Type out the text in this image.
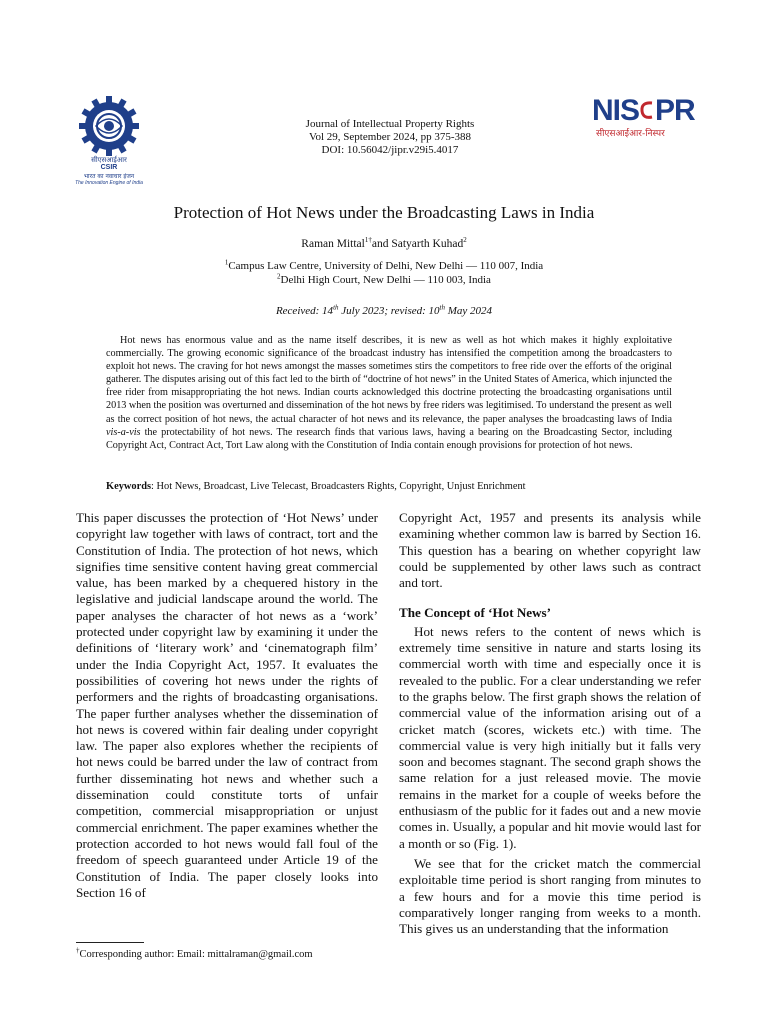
सीएसआईआर
CSIR
भारत का नवाचार इंजन
The Innovation Engine of India
Journal of Intellectual Property Rights
Vol 29, September 2024, pp 375-388
DOI: 10.56042/jipr.v29i5.4017
NIS PR
सीएसआईआर-निस्पर
Protection of Hot News under the Broadcasting Laws in India
Raman Mittal$^{1\dagger}$and Satyarth Kuhad$^2$
$^1$Campus Law Centre, University of Delhi, New Delhi — 110 007, India
$^2$Delhi High Court, New Delhi — 110 003, India
Received: 14th July 2023; revised: 10th May 2024

Hot news has enormous value and as the name itself describes, it is new as well as hot which makes it highly exploitative commercially. The growing economic significance of the broadcast industry has intensified the competition among the broadcasters to exploit hot news. The craving for hot news amongst the masses sometimes stirs the competitors to free ride over the efforts of the original gatherer. The disputes arising out of this fact led to the birth of “doctrine of hot news” in the United States of America, which injuncted the free rider from misappropriating the hot news. Indian courts acknowledged this doctrine protecting the broadcasting organisations until 2013 when the position was overturned and dissemination of the hot news by free riders was legitimised. To understand the present as well as the correct position of hot news, the actual character of hot news and its relevance, the paper analyses the broadcasting laws of India vis-a-vis the protectability of hot news. The research finds that various laws, having a bearing on the Broadcasting Sector, including Copyright Act, Contract Act, Tort Law along with the Constitution of India contain enough provisions for protection of hot news.

Keywords: Hot News, Broadcast, Live Telecast, Broadcasters Rights, Copyright, Unjust Enrichment

This paper discusses the protection of ‘Hot News’ under copyright law together with laws of contract, tort and the Constitution of India. The protection of hot news, which signifies time sensitive content having great commercial value, has been marked by a chequered history in the legislative and judicial landscape around the world. The paper analyses the character of hot news as a ‘work’ protected under copyright law by examining it under the definitions of ‘literary work’ and ‘cinematograph film’ under the India Copyright Act, 1957. It evaluates the possibilities of covering hot news under the rights of performers and the rights of broadcasting organisations. The paper further analyses whether the dissemination of hot news is covered within fair dealing under copyright law. The paper also explores whether the recipients of hot news could be barred under the law of contract from further disseminating hot news and whether such a dissemination could constitute torts of unfair competition, commercial misappropriation or unjust commercial enrichment. The paper examines whether the protection accorded to hot news would fall foul of the freedom of speech guaranteed under Article 19 of the Constitution of India. The paper closely looks into Section 16 of

Copyright Act, 1957 and presents its analysis while examining whether common law is barred by Section 16. This question has a bearing on whether copyright law could be supplemented by other laws such as contract and tort.

The Concept of ‘Hot News’

Hot news refers to the content of news which is extremely time sensitive in nature and starts losing its commercial worth with time and especially once it is revealed to the public. For a clear understanding we refer to the graphs below. The first graph shows the relation of commercial value of the information arising out of a cricket match (scores, wickets etc.) with time. The commercial value is very high initially but it falls very soon and becomes stagnant. The second graph shows the same relation for a just released movie. The movie remains in the market for a couple of weeks before the enthusiasm of the public for it fades out and a new movie comes in. Usually, a popular and hit movie would last for a month or so (Fig. 1).

We see that for the cricket match the commercial exploitable time period is short ranging from minutes to a few hours and for a movie this time period is comparatively longer ranging from weeks to a month. This gives us an understanding that the information

†Corresponding author: Email: mittalraman@gmail.com
